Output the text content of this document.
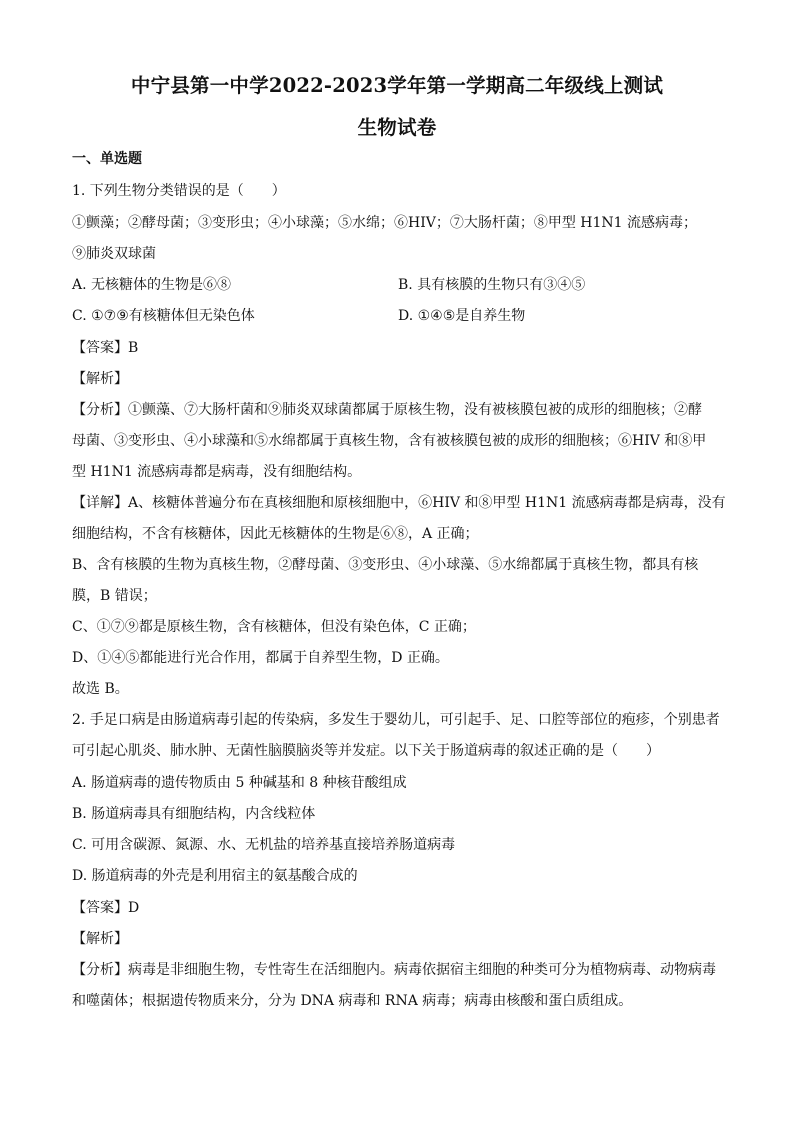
中宁县第一中学2022-2023学年第一学期高二年级线上测试
生物试卷
一、单选题
1. 下列生物分类错误的是（　　）
①颤藻；②酵母菌；③变形虫；④小球藻；⑤水绵；⑥HIV；⑦大肠杆菌；⑧甲型 H1N1 流感病毒；
⑨肺炎双球菌
A. 无核糖体的生物是⑥⑧	B. 具有核膜的生物只有③④⑤
C. ①⑦⑨有核糖体但无染色体	D. ①④⑤是自养生物
【答案】B
【解析】
【分析】①颤藻、⑦大肠杆菌和⑨肺炎双球菌都属于原核生物，没有被核膜包被的成形的细胞核；②酵
母菌、③变形虫、④小球藻和⑤水绵都属于真核生物，含有被核膜包被的成形的细胞核；⑥HIV 和⑧甲
型 H1N1 流感病毒都是病毒，没有细胞结构。
【详解】A、核糖体普遍分布在真核细胞和原核细胞中，⑥HIV 和⑧甲型 H1N1 流感病毒都是病毒，没有
细胞结构，不含有核糖体，因此无核糖体的生物是⑥⑧，A 正确；
B、含有核膜的生物为真核生物，②酵母菌、③变形虫、④小球藻、⑤水绵都属于真核生物，都具有核
膜，B 错误；
C、①⑦⑨都是原核生物，含有核糖体，但没有染色体，C 正确；
D、①④⑤都能进行光合作用，都属于自养型生物，D 正确。
故选 B。
2. 手足口病是由肠道病毒引起的传染病，多发生于婴幼儿，可引起手、足、口腔等部位的疱疹，个别患者
可引起心肌炎、肺水肿、无菌性脑膜脑炎等并发症。以下关于肠道病毒的叙述正确的是（　　）
A. 肠道病毒的遗传物质由 5 种碱基和 8 种核苷酸组成
B. 肠道病毒具有细胞结构，内含线粒体
C. 可用含碳源、氮源、水、无机盐的培养基直接培养肠道病毒
D. 肠道病毒的外壳是利用宿主的氨基酸合成的
【答案】D
【解析】
【分析】病毒是非细胞生物，专性寄生在活细胞内。病毒依据宿主细胞的种类可分为植物病毒、动物病毒
和噬菌体；根据遗传物质来分，分为 DNA 病毒和 RNA 病毒；病毒由核酸和蛋白质组成。
